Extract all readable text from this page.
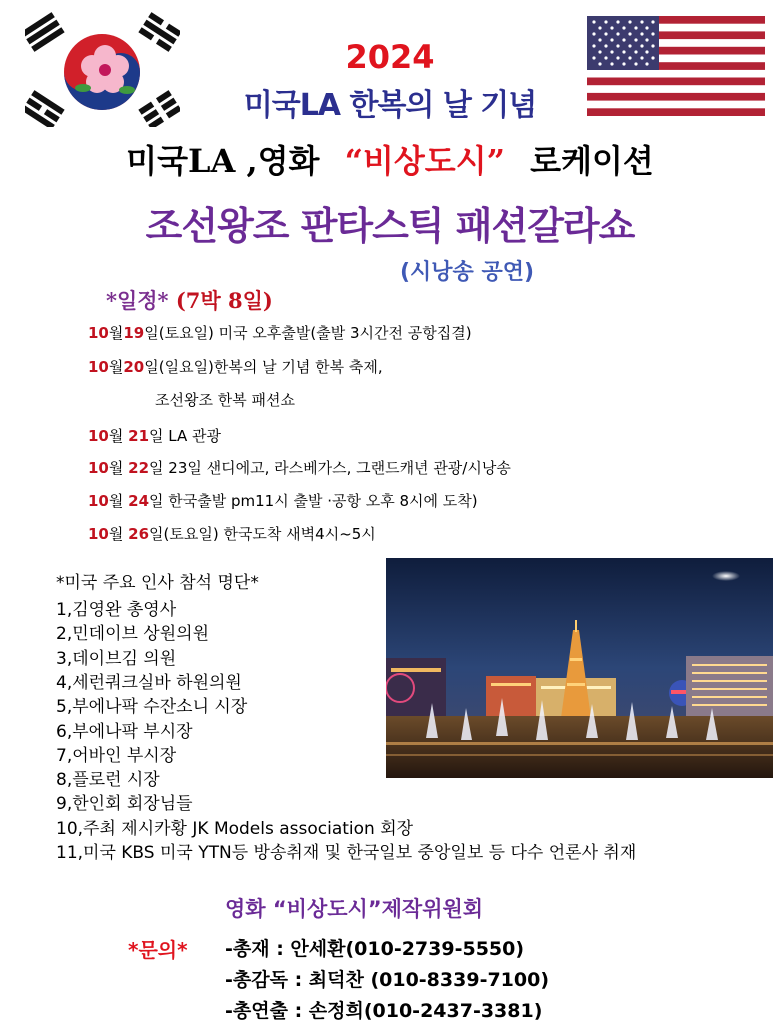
2024
미국LA 한복의 날 기념
미국LA ,영화 “비상도시” 로케이션
조선왕조 판타스틱 패션갈라쇼
(시낭송 공연)
*일정* (7박 8일)
10월19일(토요일) 미국 오후출발(출발 3시간전 공항집결)
10월20일(일요일)한복의 날 기념 한복 축제,
조선왕조 한복 패션쇼
10월 21일 LA 관광
10월 22일 23일 샌디에고, 라스베가스, 그랜드캐년 관광/시낭송
10월 24일 한국출발 pm11시 출발 ·공항 오후 8시에 도착)
10월 26일(토요일) 한국도착 새벽4시~5시
*미국 주요 인사 참석 명단*
1,김영완 총영사
2,민데이브 상원의원
3,데이브김 의원
4,세런쿼크실바 하원의원
5,부에나팍 수잔소니 시장
6,부에나팍 부시장
7,어바인 부시장
8,플로런 시장
9,한인회 회장님들
10,주최 제시카황 JK Models association 회장
11,미국 KBS 미국 YTN등 방송취재 및 한국일보 중앙일보 등 다수 언론사 취재
영화 “비상도시”제작위원회
*문의* -총재 : 안세환(010-2739-5550)
-총감독 : 최덕찬 (010-8339-7100)
-총연출 : 손정희(010-2437-3381)
